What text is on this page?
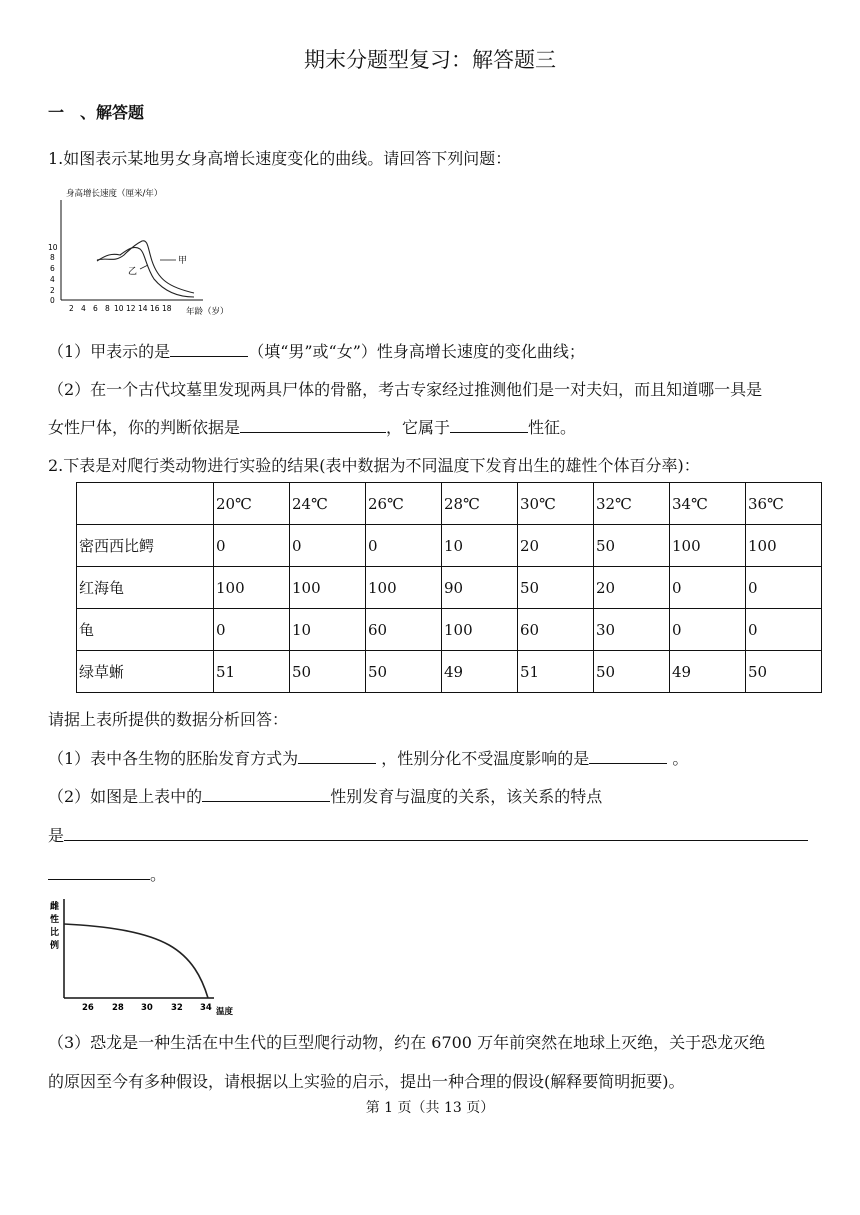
期末分题型复习：解答题三
一　、解答题
1.如图表示某地男女身高增长速度变化的曲线。请回答下列问题：
身高增长速度（厘米/年）
0
2
4
6
8
10
2 4 6 8 10 12 14 16 18 年龄（岁）
甲
乙
（1）甲表示的是	（填“男”或“女”）性身高增长速度的变化曲线；
（2）在一个古代坟墓里发现两具尸体的骨骼，考古专家经过推测他们是一对夫妇，而且知道哪一具是
女性尸体，你的判断依据是	，它属于	性征。
2.下表是对爬行类动物进行实验的结果(表中数据为不同温度下发育出生的雄性个体百分率)：
	20℃	24℃	26℃	28℃	30℃	32℃	34℃	36℃
密西西比鳄	0	0	0	10	20	50	100	100
红海龟	100	100	100	90	50	20	0	0
龟	0	10	60	100	60	30	0	0
绿草蜥	51	50	50	49	51	50	49	50
请据上表所提供的数据分析回答：
（1）表中各生物的胚胎发育方式为	，性别分化不受温度影响的是	。
（2）如图是上表中的	性别发育与温度的关系，该关系的特点
是
。
雌
性
比
例
26 28 30 32 34 温度
（3）恐龙是一种生活在中生代的巨型爬行动物，约在 6700 万年前突然在地球上灭绝，关于恐龙灭绝
的原因至今有多种假设，请根据以上实验的启示，提出一种合理的假设(解释要简明扼要)。
第 1 页（共 13 页）
